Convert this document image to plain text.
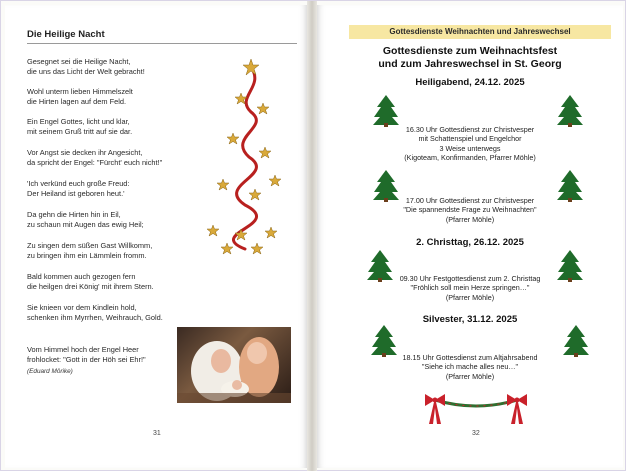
Die Heilige Nacht
Gesegnet sei die Heilige Nacht,
die uns das Licht der Welt gebracht!
Wohl unterm lieben Himmelszelt
die Hirten lagen auf dem Feld.
Ein Engel Gottes, licht und klar,
mit seinem Gruß tritt auf sie dar.
Vor Angst sie decken ihr Angesicht,
da spricht der Engel: "Fürcht' euch nicht!"
'Ich verkünd euch große Freud:
Der Heiland ist geboren heut.'
Da gehn die Hirten hin in Eil,
zu schaun mit Augen das ewig Heil;
Zu singen dem süßen Gast Willkomm,
zu bringen ihm ein Lämmlein fromm.
Bald kommen auch gezogen fern
die heilgen drei König' mit ihrem Stern.
Sie knieen vor dem Kindlein hold,
schenken ihm Myrrhen, Weihrauch, Gold.
Vom Himmel hoch der Engel Heer
frohlocket: "Gott in der Höh sei Ehr!"
(Eduard Mörike)
31
Gottesdienste Weihnachten und Jahreswechsel
Gottesdienste zum Weihnachtsfest
und zum Jahreswechsel in St. Georg
Heiligabend, 24.12. 2025
16.30 Uhr Gottesdienst zur Christvesper
mit Schattenspiel und Engelchor
3 Weise unterwegs
(Kigoteam, Konfirmanden, Pfarrer Möhle)
17.00 Uhr Gottesdienst zur Christvesper
"Die spannendste Frage zu Weihnachten"
(Pfarrer Möhle)
2. Christtag, 26.12. 2025
09.30 Uhr Festgottesdienst zum 2. Christtag
"Fröhlich soll mein Herze springen…"
(Pfarrer Möhle)
Silvester, 31.12. 2025
18.15 Uhr Gottesdienst zum Altjahrsabend
"Siehe ich mache alles neu…"
(Pfarrer Möhle)
32
